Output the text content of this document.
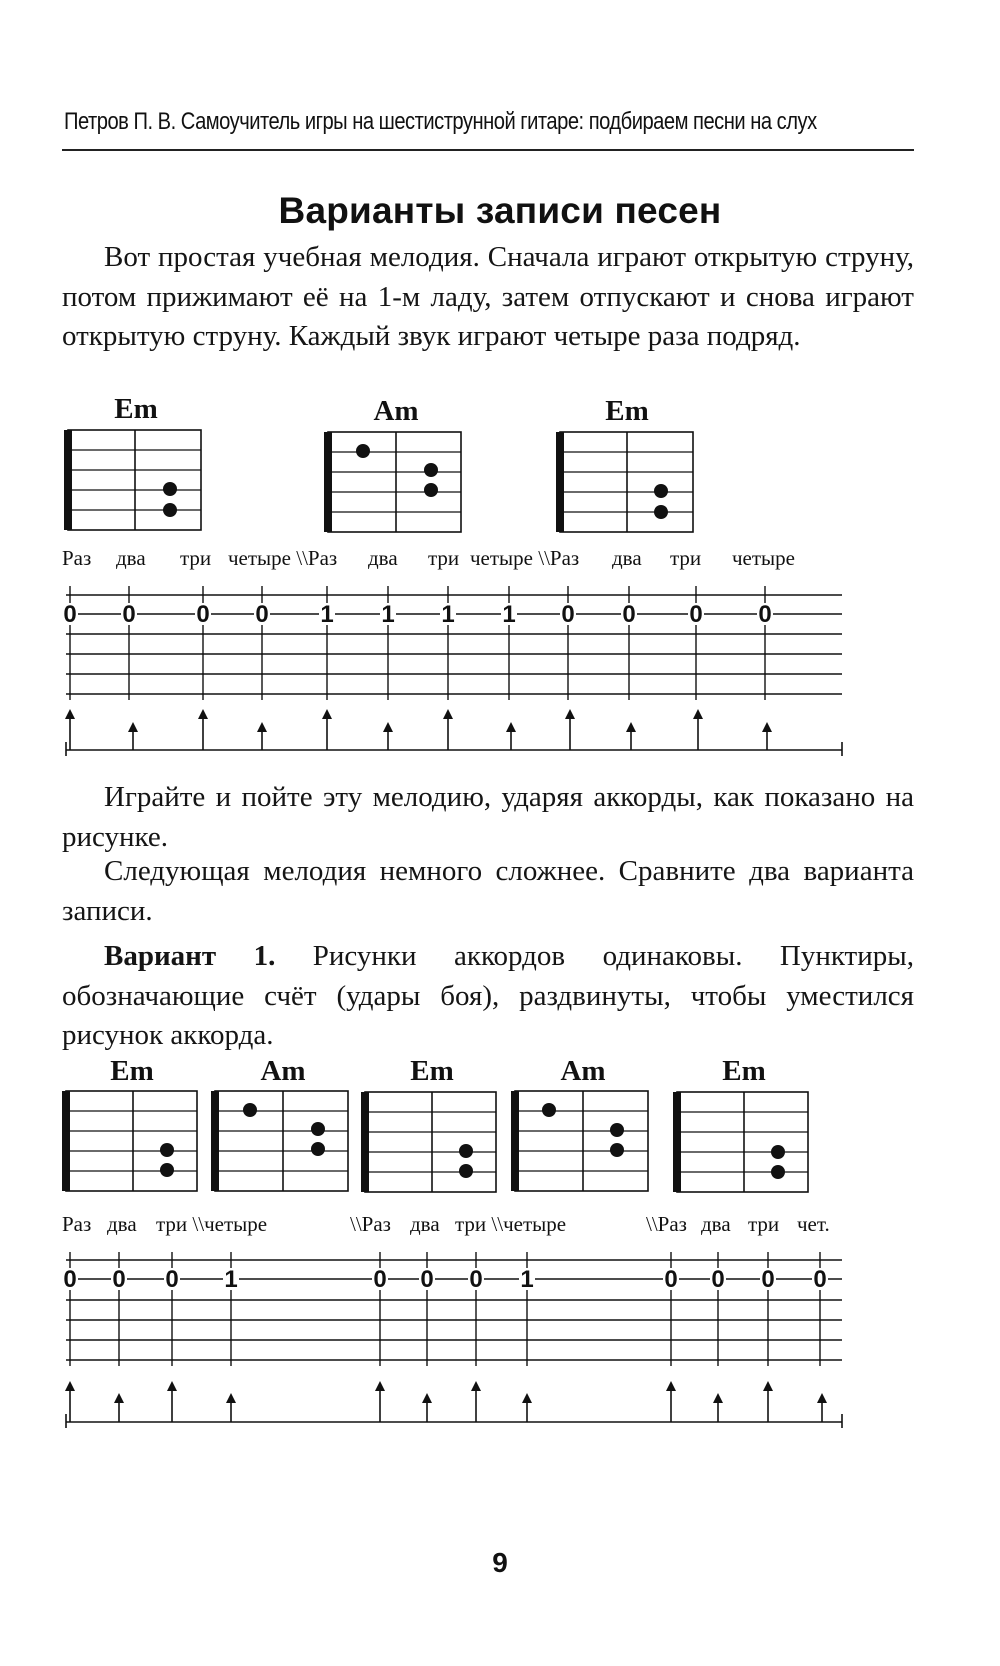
Петров П. В. Самоучитель игры на шестиструнной гитаре: подбираем песни на слух
Варианты записи песен
Вот простая учебная мелодия. Сначала играют открытую струну, потом прижимают её на 1-м ладу, затем отпускают и снова играют открытую струну. Каждый звук играют четыре раза подряд.
Em	Am	Em
Раз два три четыре \\Раз два три четыре \\Раз два три четыре
Играйте и пойте эту мелодию, ударяя аккорды, как показано на рисунке.
Следующая мелодия немного сложнее. Сравните два варианта записи.
Вариант 1. Рисунки аккордов одинаковы. Пунктиры, обозначающие счёт (удары боя), раздвинуты, чтобы уместился рисунок аккорда.
Em	Am	Em	Am	Em
Раз два три \\четыре	\\Раз два три \\четыре	\\Раз два три чет.
0 0	0 0 1 1 1 1 0 0 0 0
0 0 0 1	0 0 0 1	0 0 0 0
9
